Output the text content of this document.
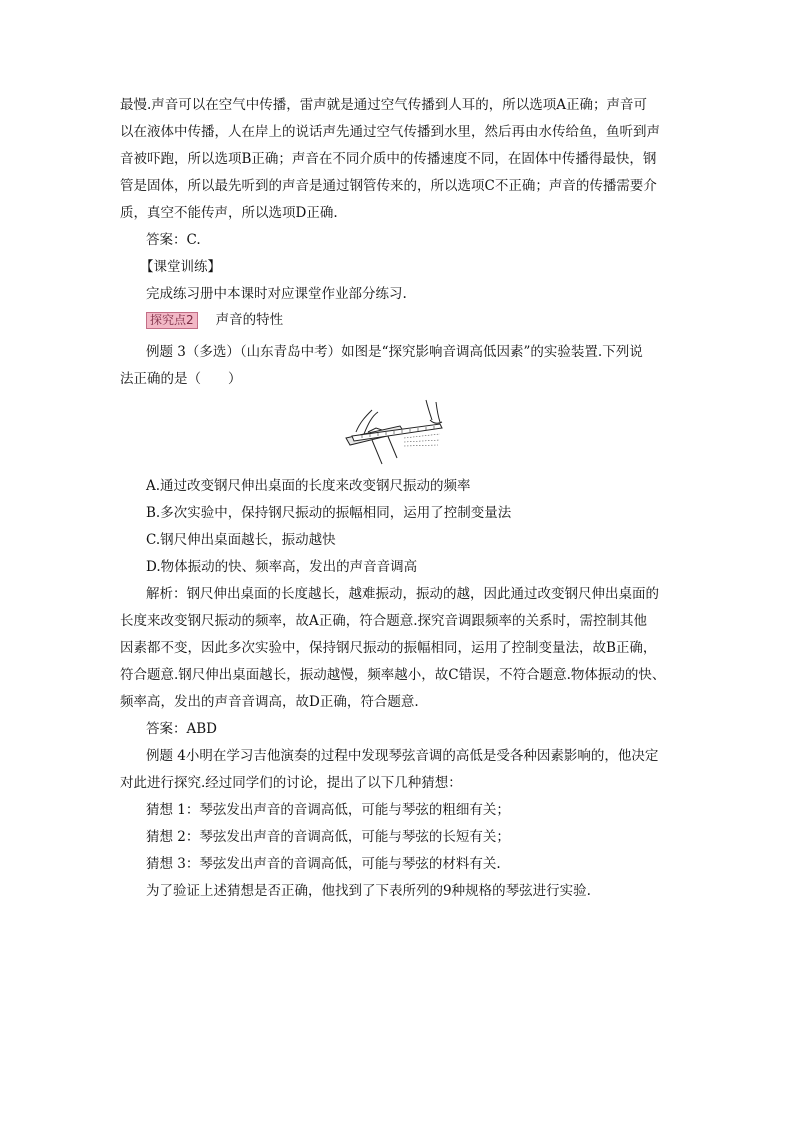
最慢.声音可以在空气中传播，雷声就是通过空气传播到人耳的，所以选项A正确；声音可
以在液体中传播，人在岸上的说话声先通过空气传播到水里，然后再由水传给鱼，鱼听到声
音被吓跑，所以选项B正确；声音在不同介质中的传播速度不同，在固体中传播得最快，钢
管是固体，所以最先听到的声音是通过钢管传来的，所以选项C不正确；声音的传播需要介
质，真空不能传声，所以选项D正确.
答案：C.
【课堂训练】
完成练习册中本课时对应课堂作业部分练习.
探究点2 声音的特性
例题 3（多选）（山东青岛中考）如图是“探究影响音调高低因素”的实验装置.下列说
法正确的是（　　）
A.通过改变钢尺伸出桌面的长度来改变钢尺振动的频率
B.多次实验中，保持钢尺振动的振幅相同，运用了控制变量法
C.钢尺伸出桌面越长，振动越快
D.物体振动的快、频率高，发出的声音音调高
解析：钢尺伸出桌面的长度越长，越难振动，振动的越，因此通过改变钢尺伸出桌面的
长度来改变钢尺振动的频率，故A正确，符合题意.探究音调跟频率的关系时，需控制其他
因素都不变，因此多次实验中，保持钢尺振动的振幅相同，运用了控制变量法，故B正确，
符合题意.钢尺伸出桌面越长，振动越慢，频率越小，故C错误，不符合题意.物体振动的快、
频率高，发出的声音音调高，故D正确，符合题意.
答案：ABD
例题 4小明在学习吉他演奏的过程中发现琴弦音调的高低是受各种因素影响的，他决定
对此进行探究.经过同学们的讨论，提出了以下几种猜想：
猜想 1：琴弦发出声音的音调高低，可能与琴弦的粗细有关；
猜想 2：琴弦发出声音的音调高低，可能与琴弦的长短有关；
猜想 3：琴弦发出声音的音调高低，可能与琴弦的材料有关.
为了验证上述猜想是否正确，他找到了下表所列的9种规格的琴弦进行实验.
